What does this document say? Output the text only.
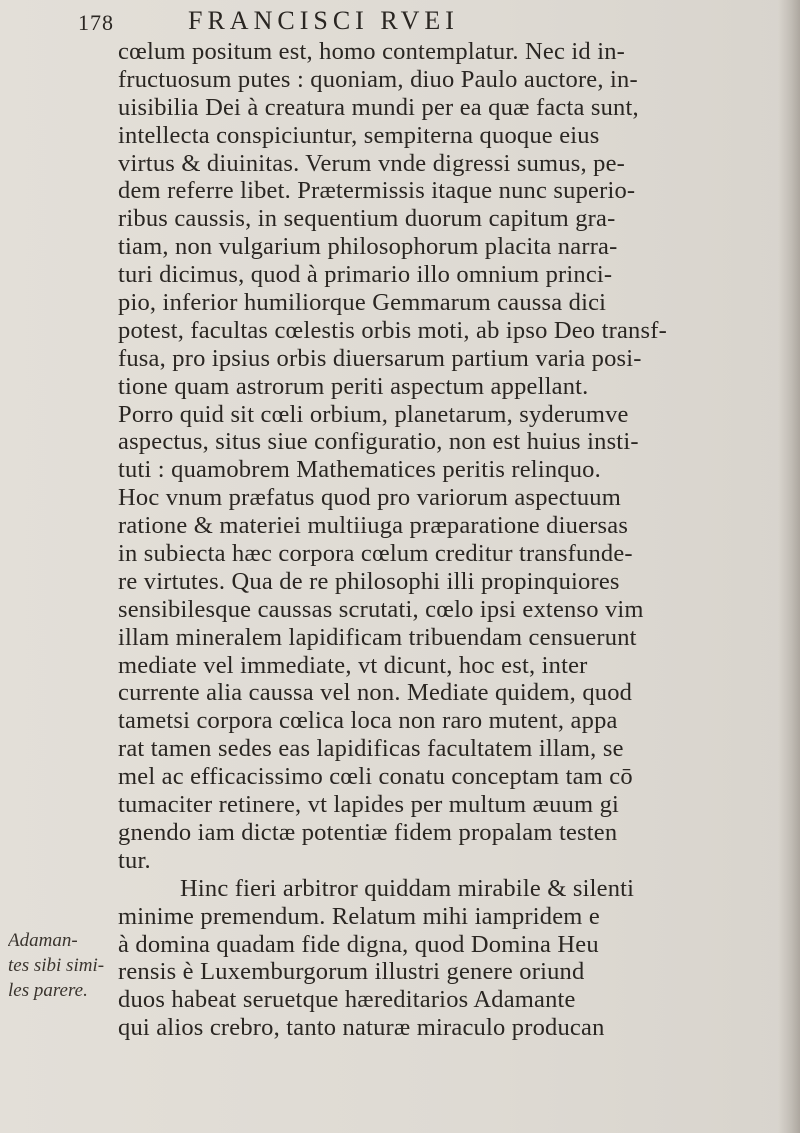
178	FRANCISCI RVEI
cœlum positum est, homo contemplatur. Nec id in-
fructuosum putes : quoniam, diuo Paulo auctore, in-
uisibilia Dei à creatura mundi per ea quæ facta sunt,
intellecta conspiciuntur, sempiterna quoque eius
virtus & diuinitas. Verum vnde digressi sumus, pe-
dem referre libet. Prætermissis itaque nunc superio-
ribus caussis, in sequentium duorum capitum gra-
tiam, non vulgarium philosophorum placita narra-
turi dicimus, quod à primario illo omnium princi-
pio, inferior humiliorque Gemmarum caussa dici
potest, facultas cœlestis orbis moti, ab ipso Deo transf-
fusa, pro ipsius orbis diuersarum partium varia posi-
tione quam astrorum periti aspectum appellant.
Porro quid sit cœli orbium, planetarum, syderumve
aspectus, situs siue configuratio, non est huius insti-
tuti : quamobrem Mathematices peritis relinquo.
Hoc vnum præfatus quod pro variorum aspectuum
ratione & materiei multiiuga præparatione diuersas
in subiecta hæc corpora cœlum creditur transfunde-
re virtutes. Qua de re philosophi illi propinquiores
sensibilesque caussas scrutati, cœlo ipsi extenso vim
illam mineralem lapidificam tribuendam censuerunt
mediate vel immediate, vt dicunt, hoc est, inter
currente alia caussa vel non. Mediate quidem, quod
tametsi corpora cœlica loca non raro mutent, appa
rat tamen sedes eas lapidificas facultatem illam, se
mel ac efficacissimo cœli conatu conceptam tam cō
tumaciter retinere, vt lapides per multum æuum gi
gnendo iam dictæ potentiæ fidem propalam testen
tur.
Hinc fieri arbitror quiddam mirabile & silenti
minime premendum. Relatum mihi iampridem e
à domina quadam fide digna, quod Domina Heu
rensis è Luxemburgorum illustri genere oriund
duos habeat seruetque hæreditarios Adamante
qui alios crebro, tanto naturæ miraculo producan
Adaman-
tes sibi simi-
les parere.
